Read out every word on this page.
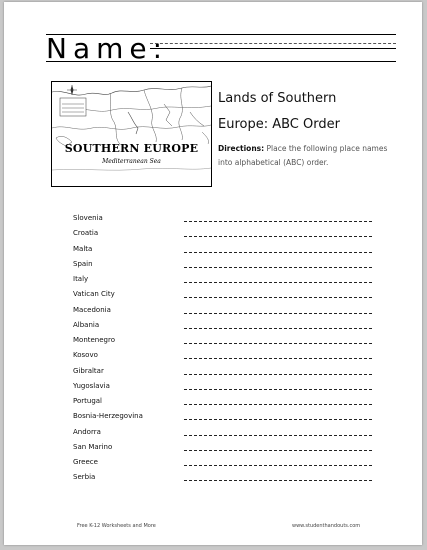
Name:
SOUTHERN EUROPE
Mediterranean Sea
Lands of Southern
Europe: ABC Order
Directions: Place the following place names into alphabetical (ABC) order.
Slovenia
Croatia
Malta
Spain
Italy
Vatican City
Macedonia
Albania
Montenegro
Kosovo
Gibraltar
Yugoslavia
Portugal
Bosnia-Herzegovina
Andorra
San Marino
Greece
Serbia
Free K-12 Worksheets and More	www.studenthandouts.com
